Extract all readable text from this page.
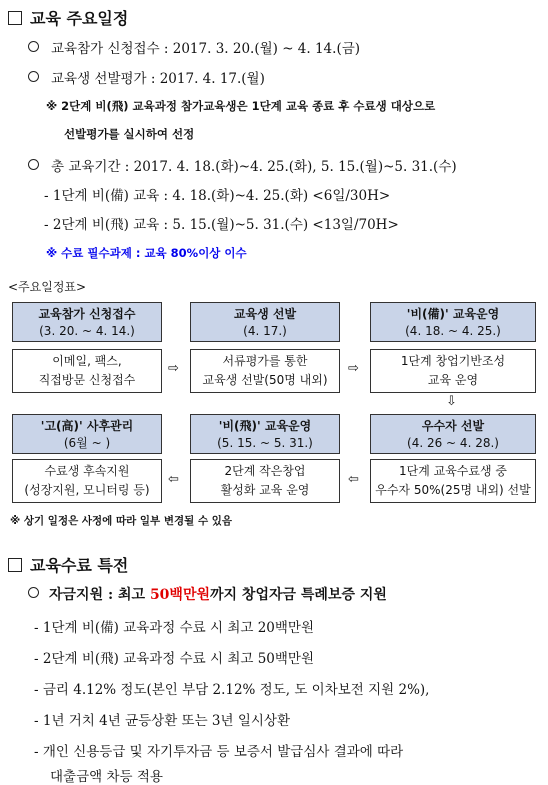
교육 주요일정
교육참가 신청접수 : 2017. 3. 20.(월) ~ 4. 14.(금)
교육생 선발평가 : 2017. 4. 17.(월)
※ 2단계 비(飛) 교육과정 참가교육생은 1단계 교육 종료 후 수료생 대상으로
선발평가를 실시하여 선정
총 교육기간 : 2017. 4. 18.(화)~4. 25.(화), 5. 15.(월)~5. 31.(수)
- 1단계 비(備) 교육 : 4. 18.(화)~4. 25.(화) <6일/30H>
- 2단계 비(飛) 교육 : 5. 15.(월)~5. 31.(수) <13일/70H>
※ 수료 필수과제 : 교육 80%이상 이수
<주요일정표>
교육참가 신청접수
(3. 20. ~ 4. 14.)
이메일, 팩스,
직접방문 신청접수
교육생 선발
(4. 17.)
서류평가를 통한
교육생 선발(50명 내외)
'비(備)' 교육운영
(4. 18. ~ 4. 25.)
1단계 창업기반조성
교육 운영
⇨	⇨
⇩
'고(高)' 사후관리
(6월 ~ )
수료생 후속지원
(성장지원, 모니터링 등)
'비(飛)' 교육운영
(5. 15. ~ 5. 31.)
2단계 작은창업
활성화 교육 운영
우수자 선발
(4. 26 ~ 4. 28.)
1단계 교육수료생 중
우수자 50%(25명 내외) 선발
⇦	⇦
※ 상기 일정은 사정에 따라 일부 변경될 수 있음
교육수료 특전
자금지원 : 최고 50백만원까지 창업자금 특례보증 지원
- 1단계 비(備) 교육과정 수료 시 최고 20백만원
- 2단계 비(飛) 교육과정 수료 시 최고 50백만원
- 금리 4.12% 정도(본인 부담 2.12% 정도, 도 이차보전 지원 2%),
- 1년 거치 4년 균등상환 또는 3년 일시상환
- 개인 신용등급 및 자기투자금 등 보증서 발급심사 결과에 따라
대출금액 차등 적용
